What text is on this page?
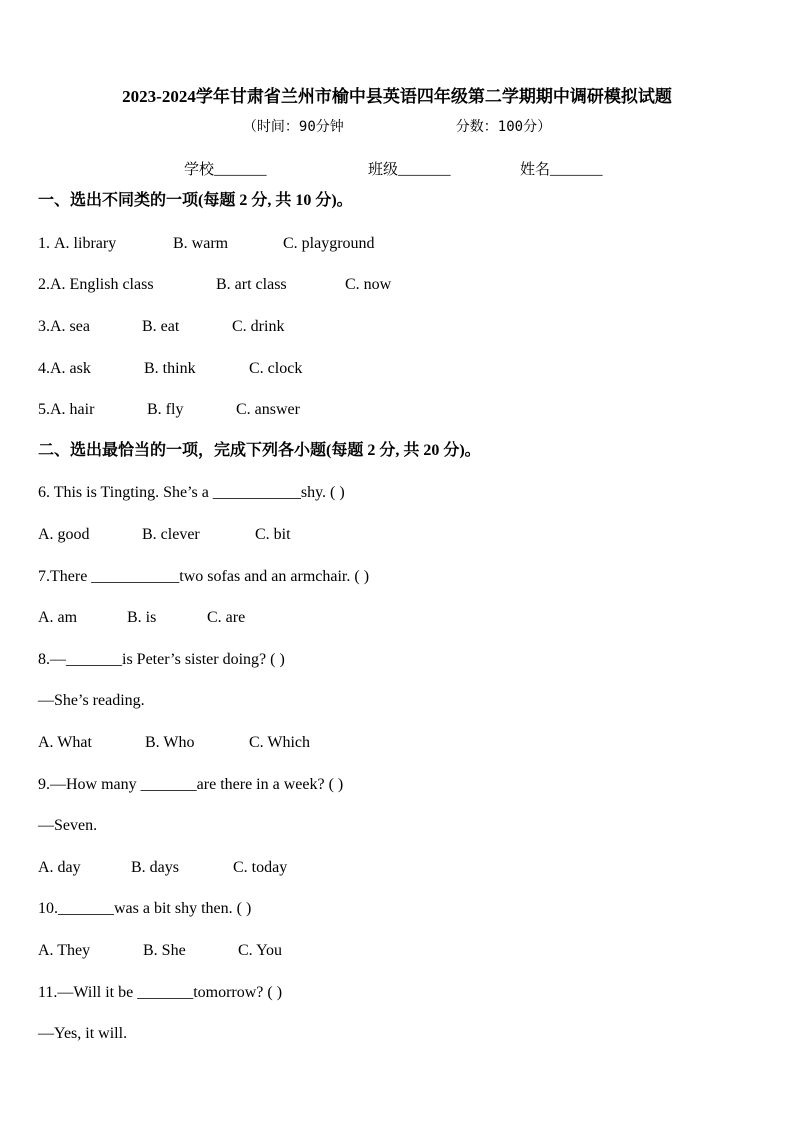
2023-2024学年甘肃省兰州市榆中县英语四年级第二学期期中调研模拟试题
（时间：90分钟　　　　　　　　分数：100分）
学校_______	班级_______	姓名_______
一、选出不同类的一项(每题 2 分, 共 10 分)。
1. A. library	B. warm	C. playground
2.A. English class	B. art class	C. now
3.A. sea	B. eat	C. drink
4.A. ask	B. think	C. clock
5.A. hair	B. fly	C. answer
二、选出最恰当的一项，完成下列各小题(每题 2 分, 共 20 分)。
6. This is Tingting. She’s a ___________shy. ( )
A. good	B. clever	C. bit
7.There ___________two sofas and an armchair. ( )
A. am	B. is	C. are
8.—_______is Peter’s sister doing? ( )
—She’s reading.
A. What	B. Who	C. Which
9.—How many _______are there in a week? ( )
—Seven.
A. day	B. days	C. today
10._______was a bit shy then. ( )
A. They	B. She	C. You
11.—Will it be _______tomorrow? ( )
—Yes, it will.
